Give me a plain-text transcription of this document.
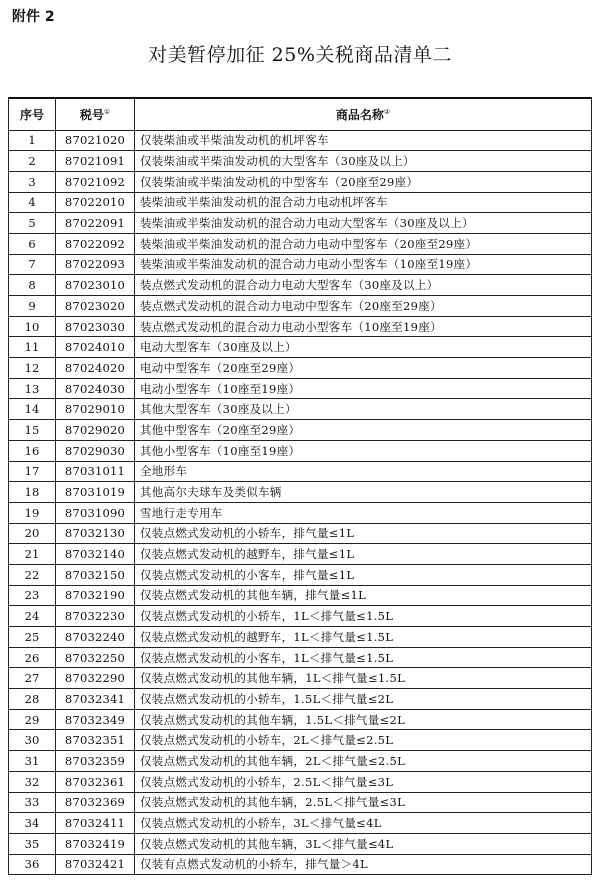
附件 2
对美暂停加征 25%关税商品清单二
序号	税号①	商品名称②
1	87021020	仅装柴油或半柴油发动机的机坪客车
2	87021091	仅装柴油或半柴油发动机的大型客车（30座及以上）
3	87021092	仅装柴油或半柴油发动机的中型客车（20座至29座）
4	87022010	装柴油或半柴油发动机的混合动力电动机坪客车
5	87022091	装柴油或半柴油发动机的混合动力电动大型客车（30座及以上）
6	87022092	装柴油或半柴油发动机的混合动力电动中型客车（20座至29座）
7	87022093	装柴油或半柴油发动机的混合动力电动小型客车（10座至19座）
8	87023010	装点燃式发动机的混合动力电动大型客车（30座及以上）
9	87023020	装点燃式发动机的混合动力电动中型客车（20座至29座）
10	87023030	装点燃式发动机的混合动力电动小型客车（10座至19座）
11	87024010	电动大型客车（30座及以上）
12	87024020	电动中型客车（20座至29座）
13	87024030	电动小型客车（10座至19座）
14	87029010	其他大型客车（30座及以上）
15	87029020	其他中型客车（20座至29座）
16	87029030	其他小型客车（10座至19座）
17	87031011	全地形车
18	87031019	其他高尔夫球车及类似车辆
19	87031090	雪地行走专用车
20	87032130	仅装点燃式发动机的小轿车，排气量≤1L
21	87032140	仅装点燃式发动机的越野车，排气量≤1L
22	87032150	仅装点燃式发动机的小客车，排气量≤1L
23	87032190	仅装点燃式发动机的其他车辆，排气量≤1L
24	87032230	仅装点燃式发动机的小轿车，1L＜排气量≤1.5L
25	87032240	仅装点燃式发动机的越野车，1L＜排气量≤1.5L
26	87032250	仅装点燃式发动机的小客车，1L＜排气量≤1.5L
27	87032290	仅装点燃式发动机的其他车辆，1L＜排气量≤1.5L
28	87032341	仅装点燃式发动机的小轿车，1.5L＜排气量≤2L
29	87032349	仅装点燃式发动机的其他车辆，1.5L＜排气量≤2L
30	87032351	仅装点燃式发动机的小轿车，2L＜排气量≤2.5L
31	87032359	仅装点燃式发动机的其他车辆，2L＜排气量≤2.5L
32	87032361	仅装点燃式发动机的小轿车，2.5L＜排气量≤3L
33	87032369	仅装点燃式发动机的其他车辆，2.5L＜排气量≤3L
34	87032411	仅装点燃式发动机的小轿车，3L＜排气量≤4L
35	87032419	仅装点燃式发动机的其他车辆，3L＜排气量≤4L
36	87032421	仅装有点燃式发动机的小轿车，排气量＞4L
